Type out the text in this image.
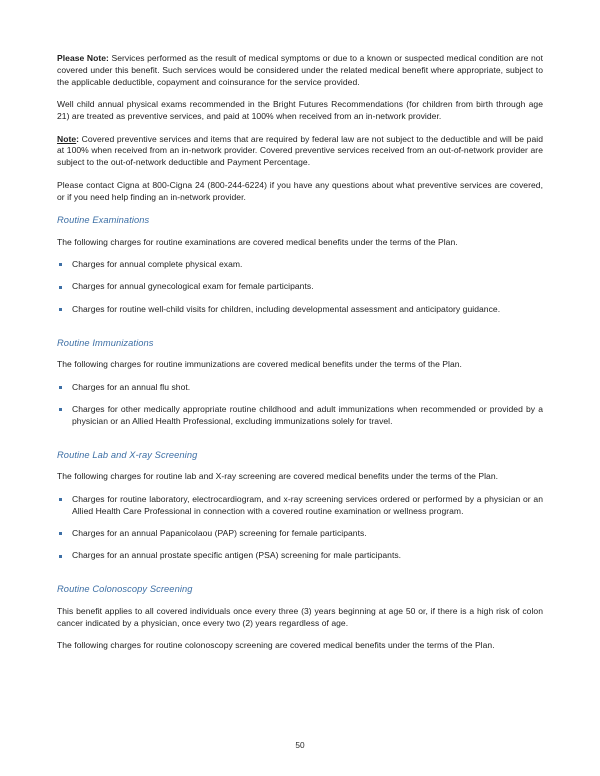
Please Note: Services performed as the result of medical symptoms or due to a known or suspected medical condition are not covered under this benefit. Such services would be considered under the related medical benefit where appropriate, subject to the applicable deductible, copayment and coinsurance for the service provided.

Well child annual physical exams recommended in the Bright Futures Recommendations (for children from birth through age 21) are treated as preventive services, and paid at 100% when received from an in-network provider.

Note: Covered preventive services and items that are required by federal law are not subject to the deductible and will be paid at 100% when received from an in-network provider. Covered preventive services received from an out-of-network provider are subject to the out-of-network deductible and Payment Percentage.

Please contact Cigna at 800-Cigna 24 (800-244-6224) if you have any questions about what preventive services are covered, or if you need help finding an in-network provider.

Routine Examinations

The following charges for routine examinations are covered medical benefits under the terms of the Plan.

Charges for annual complete physical exam.
Charges for annual gynecological exam for female participants.
Charges for routine well-child visits for children, including developmental assessment and anticipatory guidance.
Routine Immunizations

The following charges for routine immunizations are covered medical benefits under the terms of the Plan.

Charges for an annual flu shot.
Charges for other medically appropriate routine childhood and adult immunizations when recommended or provided by a physician or an Allied Health Professional, excluding immunizations solely for travel.
Routine Lab and X-ray Screening

The following charges for routine lab and X-ray screening are covered medical benefits under the terms of the Plan.

Charges for routine laboratory, electrocardiogram, and x-ray screening services ordered or performed by a physician or an Allied Health Care Professional in connection with a covered routine examination or wellness program.
Charges for an annual Papanicolaou (PAP) screening for female participants.
Charges for an annual prostate specific antigen (PSA) screening for male participants.
Routine Colonoscopy Screening

This benefit applies to all covered individuals once every three (3) years beginning at age 50 or, if there is a high risk of colon cancer indicated by a physician, once every two (2) years regardless of age.

The following charges for routine colonoscopy screening are covered medical benefits under the terms of the Plan.

50
